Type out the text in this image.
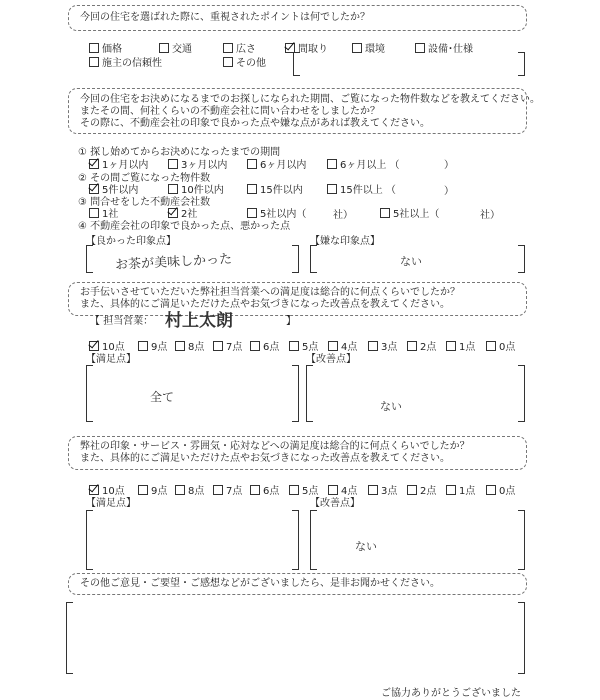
今回の住宅を選ばれた際に、重視されたポイントは何でしたか？
価格	交通	広さ	間取り	環境	設備･仕様
施主の信頼性	その他
今回の住宅をお決めになるまでのお探しになられた期間、ご覧になった物件数などを教えてください。
またその間、何社くらいの不動産会社に問い合わせをしましたか？
その際に、不動産会社の印象で良かった点や嫌な点があれば教えてください。
① 探し始めてからお決めになったまでの期間
1ヶ月以内	3ヶ月以内	6ヶ月以内	6ヶ月以上 （	）
② その間ご覧になった物件数
5件以内	10件以内	15件以内	15件以上 （	）
③ 問合せをした不動産会社数
1社	2社	5社以内（	5社以上（
社）	社）
④ 不動産会社の印象で良かった点、悪かった点
【良かった印象点】	【嫌な印象点】
お茶が美味しかった	ない
お手伝いさせていただいた弊社担当営業への満足度は総合的に何点くらいでしたか？
また、具体的にご満足いただけた点やお気づきになった改善点を教えてください。
【 担当営業： 村上太朗	】
10点	9点	8点	7点	6点	5点	4点	3点	2点	1点	0点
【満足点】	【改善点】
全て
ない
弊社の印象・サービス・雰囲気・応対などへの満足度は総合的に何点くらいでしたか？
また、具体的にご満足いただけた点やお気づきになった改善点を教えてください。
10点	9点	8点	7点	6点	5点	4点	3点	2点	1点	0点
【満足点】	【改善点】
ない
その他ご意見・ご要望・ご感想などがございましたら、是非お聞かせください。
ご協力ありがとうございました
